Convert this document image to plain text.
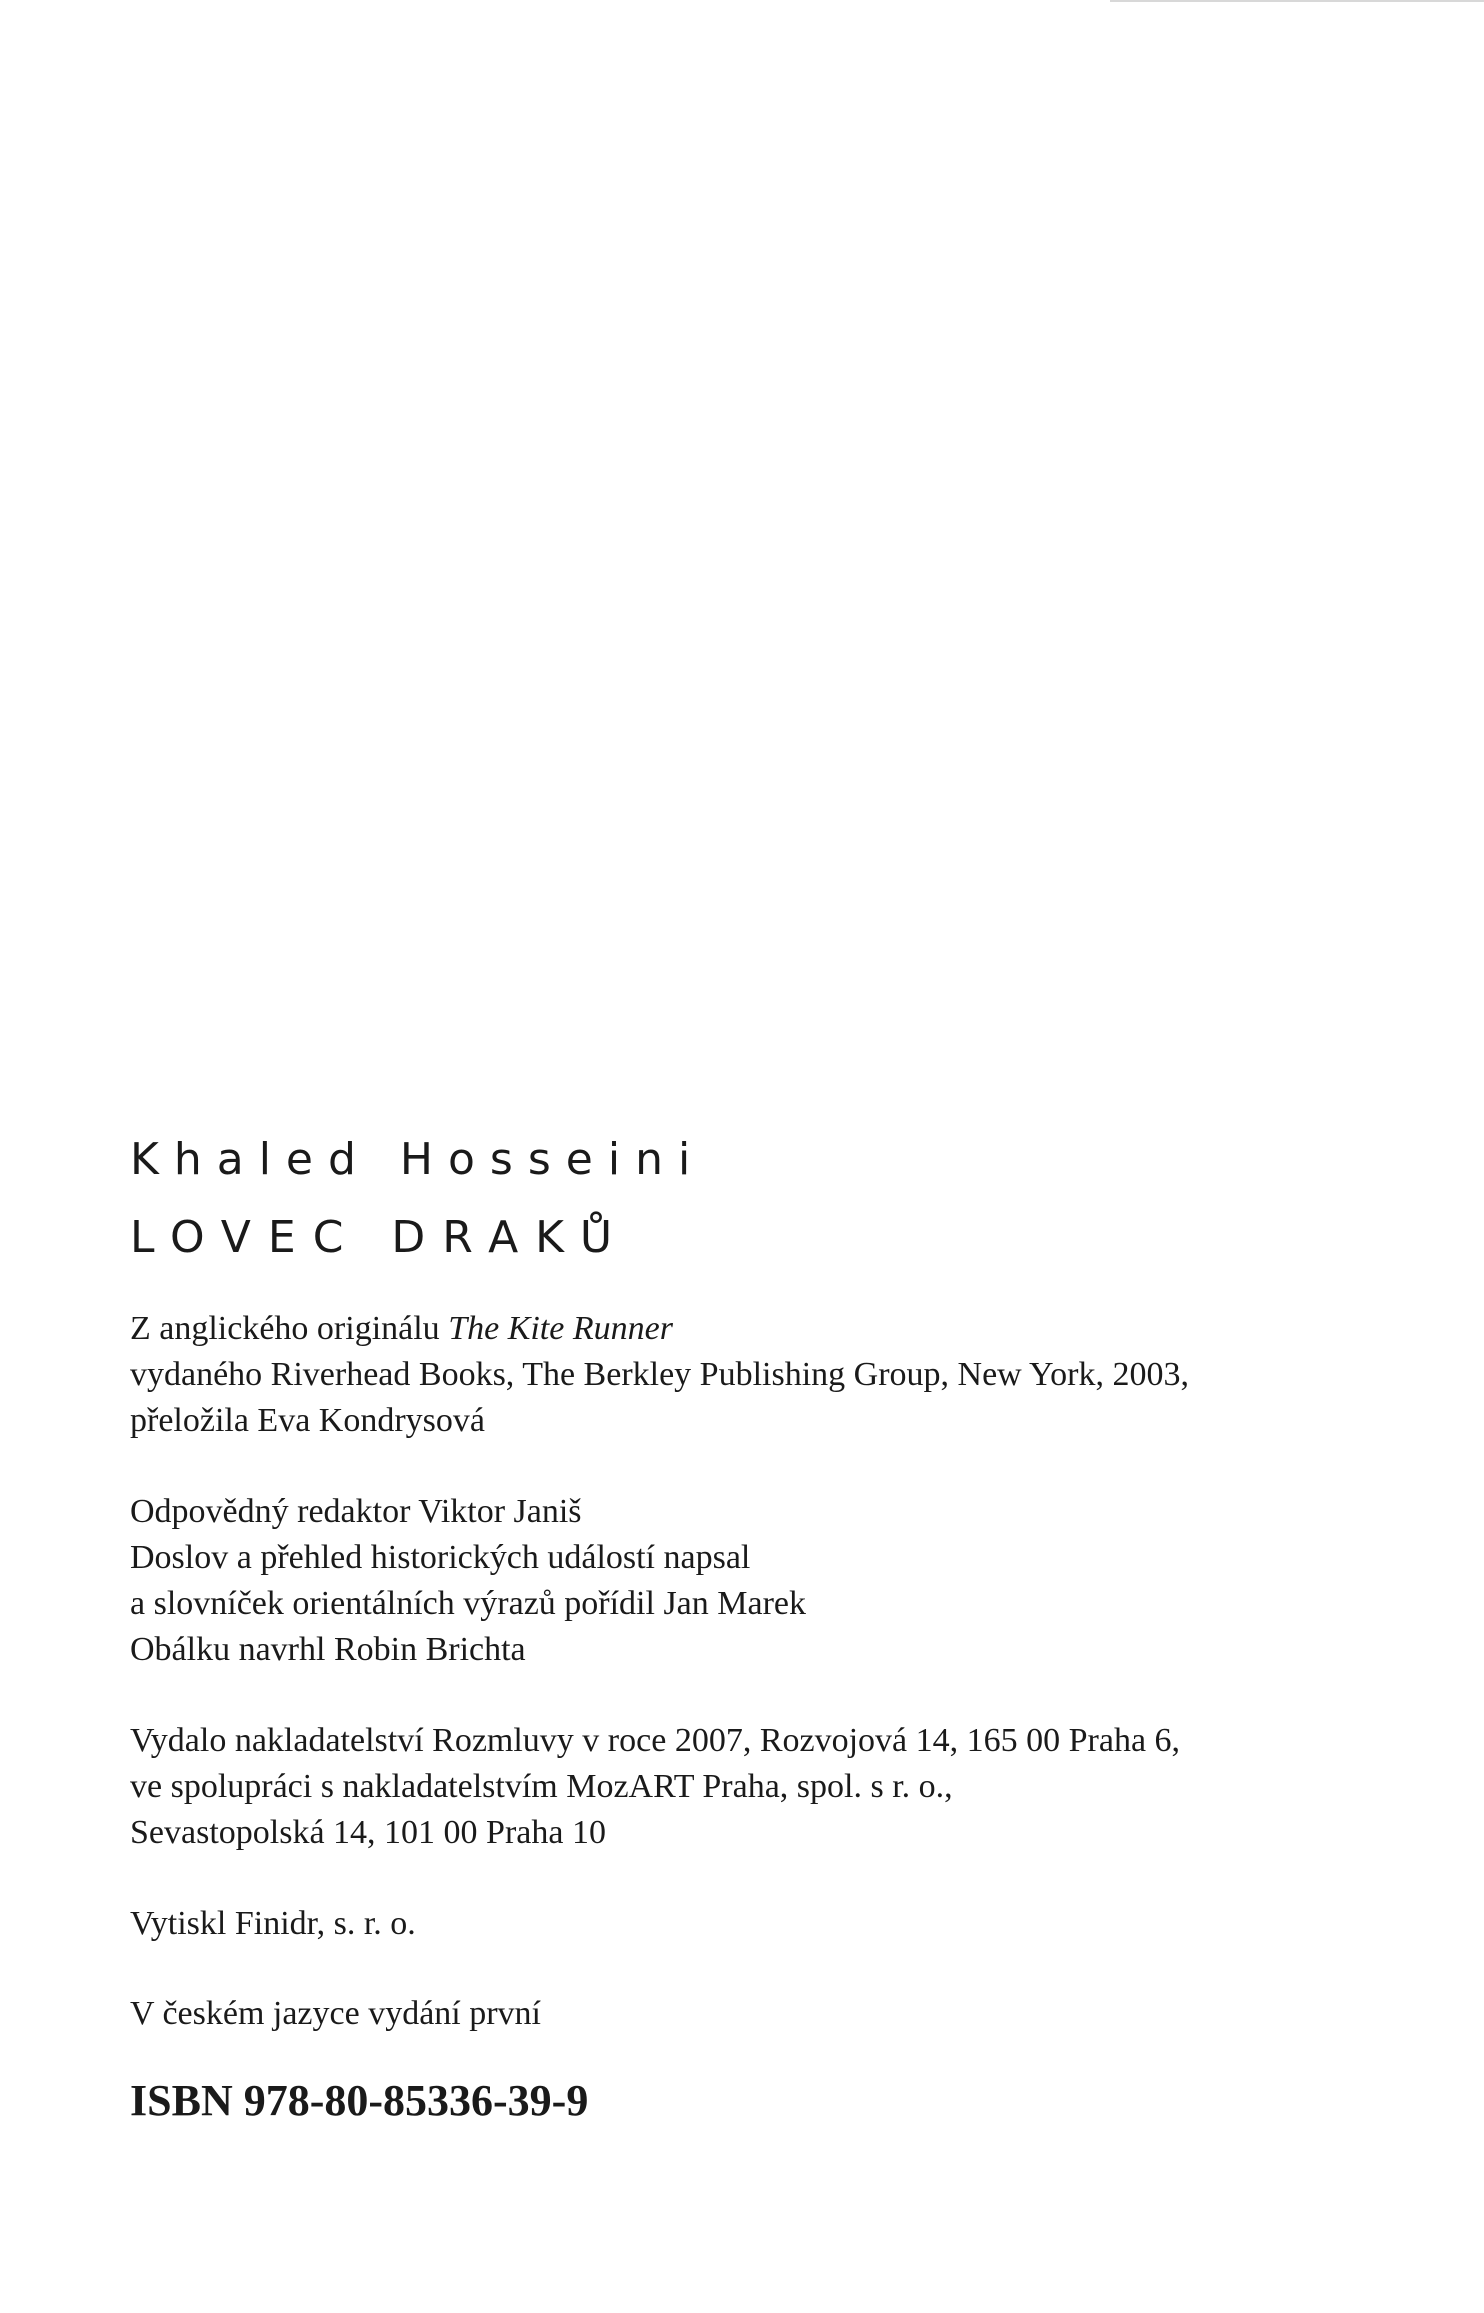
Khaled Hosseini

LOVEC DRAKŮ

Z anglického originálu The Kite Runner
vydaného Riverhead Books, The Berkley Publishing Group, New York, 2003,
přeložila Eva Kondrysová

Odpovědný redaktor Viktor Janiš
Doslov a přehled historických událostí napsal
a slovníček orientálních výrazů pořídil Jan Marek
Obálku navrhl Robin Brichta

Vydalo nakladatelství Rozmluvy v roce 2007, Rozvojová 14, 165 00 Praha 6,
ve spolupráci s nakladatelstvím MozART Praha, spol. s r. o.,
Sevastopolská 14, 101 00 Praha 10

Vytiskl Finidr, s. r. o.

V českém jazyce vydání první

ISBN 978-80-85336-39-9
